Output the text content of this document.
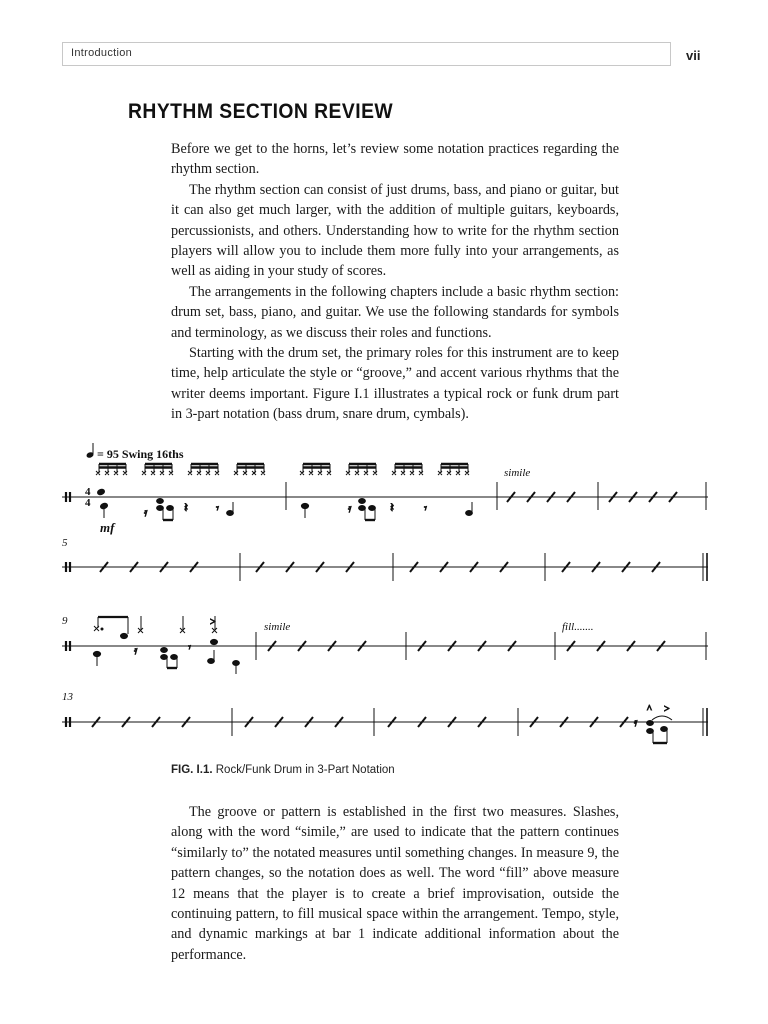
Introduction	vii
RHYTHM SECTION REVIEW

Before we get to the horns, let’s review some notation practices regarding the rhythm section.

The rhythm section can consist of just drums, bass, and piano or guitar, but it can also get much larger, with the addition of multiple guitars, keyboards, percussionists, and others. Understanding how to write for the rhythm section players will allow you to include them more fully into your arrangements, as well as aiding in your study of scores.

The arrangements in the following chapters include a basic rhythm section: drum set, bass, piano, and guitar. We use the following standards for symbols and terminology, as we discuss their roles and functions.

Starting with the drum set, the primary roles for this instrument are to keep time, help articulate the style or “groove,” and accent various rhythms that the writer deems important. Figure I.1 illustrates a typical rock or funk drum part in 3-part notation (bass drum, snare drum, cymbals).

= 95 Swing 16ths
4
4
𝄿	𝄽	𝄾	𝄿	𝄽	𝄾
mf
simile
5
9	>
𝄿	𝄾
simile	fill.......
13
𝄿
^ >
FIG. I.1. Rock/Funk Drum in 3-Part Notation

The groove or pattern is established in the first two measures. Slashes, along with the word “simile,” are used to indicate that the pattern continues “similarly to” the notated measures until something changes. In measure 9, the pattern changes, so the notation does as well. The word “fill” above measure 12 means that the player is to create a brief improvisation, outside the continuing pattern, to fill musical space within the arrangement. Tempo, style, and dynamic markings at bar 1 indicate additional information about the performance.
